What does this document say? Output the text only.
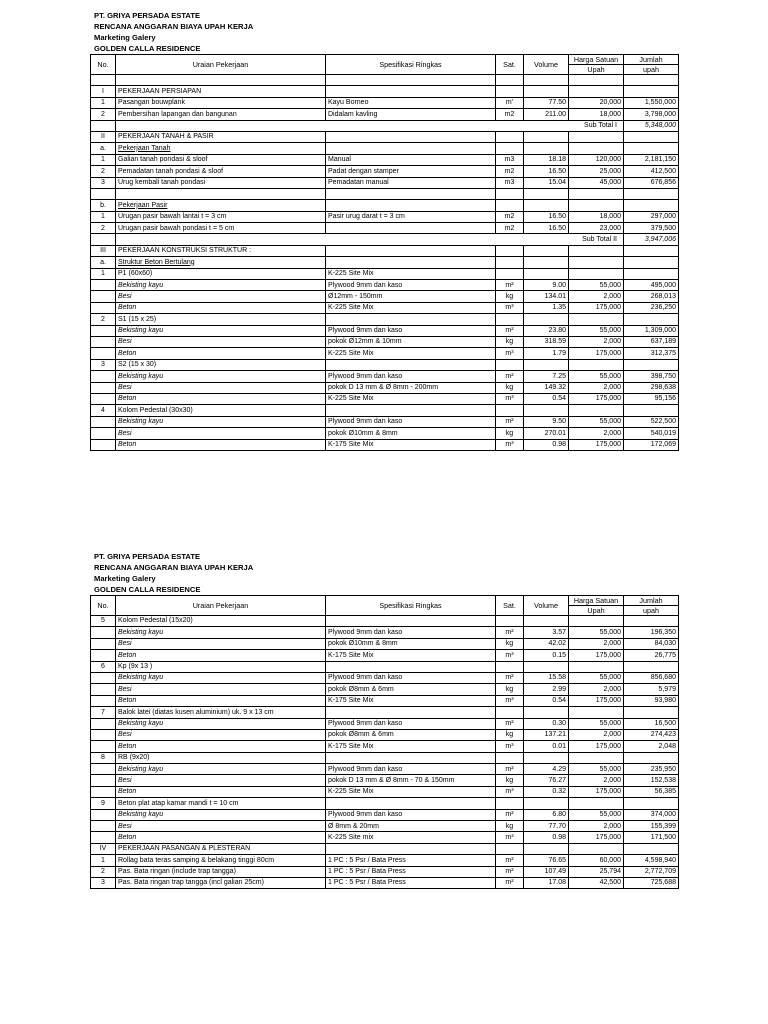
PT. GRIYA PERSADA ESTATE
RENCANA ANGGARAN BIAYA UPAH KERJA
Marketing Galery
GOLDEN CALLA RESIDENCE
No.	Uraian Pekerjaan	Spesifikasi Ringkas	Sat.	Volume	Harga Satuan	Jumlah
					Upah	upah

I	PEKERJAAN PERSIAPAN					
1	Pasangan bouwplank	Kayu Borneo	m'	77.50	20,000	1,550,000
2	Pembersihan lapangan dan bangunan	Didalam kavling	m2	211.00	18,000	3,798,000
		Sub Total I				5,348,000
II	PEKERJAAN TANAH & PASIR					
a.	Pekerjaan Tanah					
1	Galian tanah pondasi & sloof	Manual	m3	18.18	120,000	2,181,150
2	Pemadatan tanah pondasi & sloof	Padat dengan stamper	m2	16.50	25,000	412,500
3	Urug kembali tanah pondasi	Pemadatan manual	m3	15.04	45,000	676,856

b.	Pekerjaan Pasir					
1	Urugan pasir bawah lantai t = 3 cm	Pasir urug darat t = 3 cm	m2	16.50	18,000	297,000
2	Urugan pasir bawah pondasi t = 5 cm		m2	16.50	23,000	379,500
		Sub Total II				3,947,006
III	PEKERJAAN KONSTRUKSI STRUKTUR :					
a.	Struktur Beton Bertulang					
1	P1 (60x60)	K-225 Site Mix				
	Bekisting kayu	Plywood 9mm dan kaso	m²	9.00	55,000	495,000
	Besi	Ø12mm - 150mm	kg	134.01	2,000	268,013
	Beton	K-225 Site Mix	m³	1.35	175,000	236,250
2	S1 (15 x 25)					
	Bekisting kayu	Plywood 9mm dan kaso	m²	23.80	55,000	1,309,000
	Besi	pokok Ø12mm & 10mm	kg	318.59	2,000	637,189
	Beton	K-225 Site Mix	m³	1.79	175,000	312,375
3	S2 (15 x 30)					
	Bekisting kayu	Plywood 9mm dan kaso	m²	7.25	55,000	398,750
	Besi	pokok D 13 mm & Ø 8mm - 200mm	kg	149.32	2,000	298,638
	Beton	K-225 Site Mix	m³	0.54	175,000	95,156
4	Kolom Pedestal (30x30)					
	Bekisting kayu	Plywood 9mm dan kaso	m²	9.50	55,000	522,500
	Besi	pokok Ø10mm & 8mm	kg	270.01	2,000	540,019
	Beton	K-175 Site Mix	m³	0.98	175,000	172,069
PT. GRIYA PERSADA ESTATE
RENCANA ANGGARAN BIAYA UPAH KERJA
Marketing Galery
GOLDEN CALLA RESIDENCE
No.	Uraian Pekerjaan	Spesifikasi Ringkas	Sat.	Volume	Harga Satuan	Jumlah
					Upah	upah
5	Kolom Pedestal (15x20)					
	Bekisting kayu	Plywood 9mm dan kaso	m²	3.57	55,000	196,350
	Besi	pokok Ø10mm & 8mm	kg	42.02	2,000	84,030
	Beton	K-175 Site Mix	m³	0.15	175,000	26,775
6	Kp (9x 13 )					
	Bekisting kayu	Plywood 9mm dan kaso	m²	15.58	55,000	856,680
	Besi	pokok Ø8mm & 6mm	kg	2.99	2,000	5,979
	Beton	K-175 Site Mix	m³	0.54	175,000	93,980
7	Balok latei (diatas kusen aluminium) uk. 9 x 13 cm					
	Bekisting kayu	Plywood 9mm dan kaso	m²	0.30	55,000	16,500
	Besi	pokok Ø8mm & 6mm	kg	137.21	2,000	274,423
	Beton	K-175 Site Mix	m³	0.01	175,000	2,048
8	RB (9x20)					
	Bekisting kayu	Plywood 9mm dan kaso	m²	4.29	55,000	235,950
	Besi	pokok D 13 mm & Ø 8mm - 70 & 150mm	kg	76.27	2,000	152,538
	Beton	K-225 Site Mix	m³	0.32	175,000	56,385
9	Beton plat atap kamar mandi t = 10 cm					
	Bekisting kayu	Plywood 9mm dan kaso	m²	6.80	55,000	374,000
	Besi	Ø 8mm & 20mm	kg	77.70	2,000	155,399
	Beton	K-225 Site mix	m³	0.98	175,000	171,500
IV	PEKERJAAN PASANGAN & PLESTERAN					
1	Rollag bata teras samping & belakang tinggi 80cm	1 PC : 5 Psr / Bata Press	m²	76.65	60,000	4,598,940
2	Pas. Bata ringan (include trap tangga)	1 PC : 5 Psr / Bata Press	m²	107.49	25,794	2,772,709
3	Pas. Bata ringan trap tangga (incl galian 25cm)	1 PC : 5 Psr / Bata Press	m²	17.08	42,500	725,688
